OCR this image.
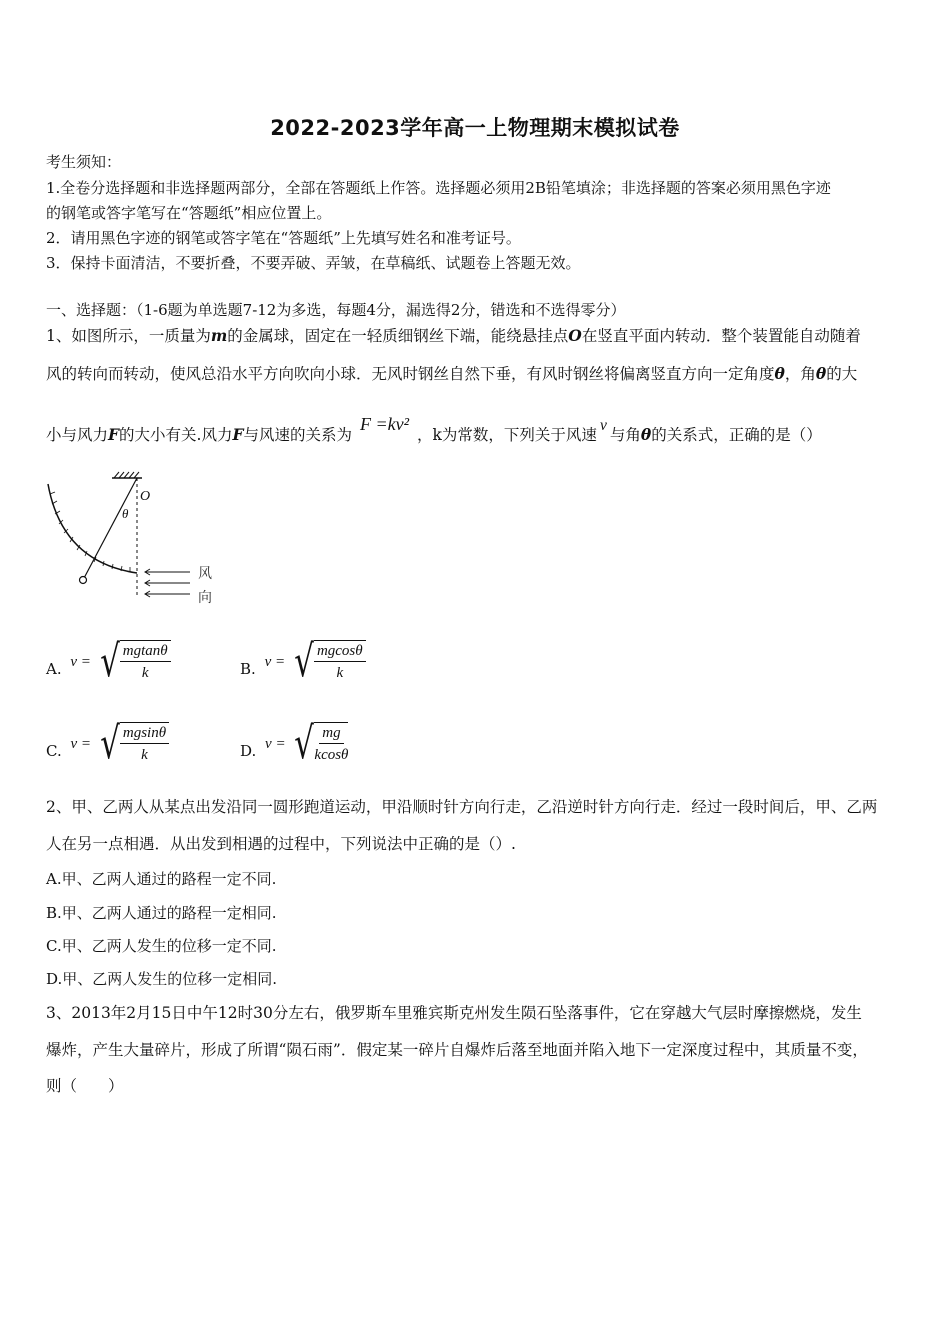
2022-2023学年高一上物理期末模拟试卷
考生须知：
1.全卷分选择题和非选择题两部分，全部在答题纸上作答。选择题必须用2B铅笔填涂；非选择题的答案必须用黑色字迹
的钢笔或答字笔写在“答题纸”相应位置上。
2．请用黑色字迹的钢笔或答字笔在“答题纸”上先填写姓名和准考证号。
3．保持卡面清洁，不要折叠，不要弄破、弄皱，在草稿纸、试题卷上答题无效。
一、选择题：（1-6题为单选题7-12为多选，每题4分，漏选得2分，错选和不选得零分）
1、如图所示，一质量为m的金属球，固定在一轻质细钢丝下端，能绕悬挂点O在竖直平面内转动．整个装置能自动随着
风的转向而转动，使风总沿水平方向吹向小球．无风时钢丝自然下垂，有风时钢丝将偏离竖直方向一定角度θ，角θ的大
小与风力F的大小有关.风力F与风速的关系为F =kv²，k为常数，下列关于风速v与角θ的关系式，正确的是（）
O
θ
风
向
A. v = √ $\frac{mgtan\theta}{k}$	B. v = √ $\frac{mgcos\theta}{k}$
C. v = √ $\frac{mgsin\theta}{k}$	D. v = √ $\frac{mg}{kcos\theta}$
2、甲、乙两人从某点出发沿同一圆形跑道运动，甲沿顺时针方向行走，乙沿逆时针方向行走．经过一段时间后，甲、乙两
人在另一点相遇．从出发到相遇的过程中，下列说法中正确的是（）.
A.甲、乙两人通过的路程一定不同.
B.甲、乙两人通过的路程一定相同.
C.甲、乙两人发生的位移一定不同.
D.甲、乙两人发生的位移一定相同.
3、2013年2月15日中午12时30分左右，俄罗斯车里雅宾斯克州发生陨石坠落事件，它在穿越大气层时摩擦燃烧，发生
爆炸，产生大量碎片，形成了所谓“陨石雨”．假定某一碎片自爆炸后落至地面并陷入地下一定深度过程中，其质量不变，
则（　　）
